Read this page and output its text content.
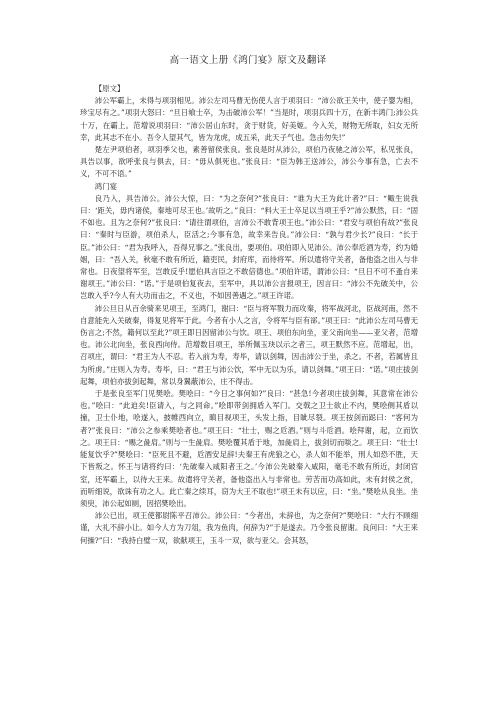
高一语文上册《鸿门宴》原文及翻译

【原文】

沛公军霸上，未得与项羽相见。沛公左司马曹无伤使人言于项羽曰：“沛公欲王关中，使子婴为相，珍宝尽有之。”项羽大怒曰：“旦日飨士卒，为击破沛公军！”当是时，项羽兵四十万，在新丰鸿门;沛公兵十万，在霸上。范增说项羽曰：“沛公居山东时，贪于财货，好美姬。今入关，财物无所取，妇女无所幸，此其志不在小。吾令人望其气，皆为龙虎，成五采，此天子气也。急击勿失!”

楚左尹项伯者，项羽季父也，素善留侯张良。张良是时从沛公，项伯乃夜驰之沛公军，私见张良，具告以事，欲呼张良与俱去，曰：“毋从俱死也。”张良曰：“臣为韩王送沛公，沛公今事有急，亡去不义，不可不语。”

鸿门宴

良乃入，具告沛公。沛公大惊，曰：“为之奈何?”张良曰：“谁为大王为此计者?”曰：“鲰生说我曰：‘距关，毋内诸侯，秦地可尽王也。’故听之。”良曰：“料大王士卒足以当项王乎?”沛公默然，曰：“固不如也。且为之奈何?”张良曰：“请往谓项伯，言沛公不敢背项王也。”沛公曰：“君安与项伯有故?”张良曰：“秦时与臣游，项伯杀人，臣活之;今事有急，故幸来告良。”沛公曰：“孰与君少长?”良曰：“长于臣。”沛公曰：“君为我呼入，吾得兄事之。”张良出，要项伯。项伯即入见沛公。沛公奉卮酒为寿，约为婚姻，曰：“吾入关，秋毫不敢有所近，籍吏民，封府库，而待将军。所以遣将守关者，备他盗之出入与非常也。日夜望将军至，岂敢反乎!愿伯具言臣之不敢倍德也。”项伯许诺，谓沛公曰：“旦日不可不蚤自来谢项王。”沛公曰：“诺。”于是项伯复夜去，至军中，具以沛公言报项王，因言曰：“沛公不先破关中，公岂敢入乎?今人有大功而击之，不义也，不如因善遇之。”项王许诺。

沛公旦日从百余骑来见项王，至鸿门，谢曰：“臣与将军戮力而攻秦，将军战河北，臣战河南，然不自意能先入关破秦，得复见将军于此。今者有小人之言，令将军与臣有郤。”项王曰：“此沛公左司马曹无伤言之;不然，籍何以至此?”项王即日因留沛公与饮。项王、项伯东向坐，亚父南向坐——亚父者，范增也。沛公北向坐，张良西向侍。范增数目项王，举所佩玉玦以示之者三，项王默然不应。范增起，出，召项庄，谓曰：“君王为人不忍。若入前为寿，寿毕，请以剑舞，因击沛公于坐，杀之。不者，若属皆且为所虏。”庄则入为寿。寿毕，曰：“君王与沛公饮，军中无以为乐，请以剑舞。”项王曰：“诺。”项庄拔剑起舞，项伯亦拔剑起舞，常以身翼蔽沛公，庄不得击。

于是张良至军门见樊哙。樊哙曰：“今日之事何如?”良曰：“甚急!今者项庄拔剑舞，其意常在沛公也。”哙曰：“此迫矣!臣请入，与之同命。”哙即带剑拥盾入军门。交戟之卫士欲止不内，樊哙侧其盾以撞，卫士仆地，哙遂入，披帷西向立，瞋目视项王，头发上指，目眦尽裂。项王按剑而跽曰：“客何为者?”张良曰：“沛公之参乘樊哙者也。”项王曰：“壮士，赐之卮酒。”则与斗卮酒。哙拜谢，起，立而饮之。项王曰：“赐之彘肩。”则与一生彘肩。樊哙覆其盾于地，加彘肩上，拔剑切而啖之。项王曰：“壮士!能复饮乎?”樊哙曰：“臣死且不避，卮酒安足辞!夫秦王有虎狼之心，杀人如不能举，刑人如恐不胜，天下皆叛之。怀王与诸将约曰：‘先破秦入咸阳者王之。’今沛公先破秦入咸阳，毫毛不敢有所近，封闭宫室，还军霸上，以待大王来。故遣将守关者，备他盗出入与非常也。劳苦而功高如此，未有封侯之赏，而听细说，欲诛有功之人。此亡秦之续耳，窃为大王不取也!”项王未有以应，曰：“坐。”樊哙从良坐。坐须臾，沛公起如厕，因招樊哙出。

沛公已出，项王使都尉陈平召沛公。沛公曰：“今者出，未辞也，为之奈何?”樊哙曰：“大行不顾细谨，大礼不辞小让。如今人方为刀俎，我为鱼肉，何辞为?”于是遂去。乃令张良留谢。良问曰：“大王来何操?”曰：“我持白璧一双，欲献项王，玉斗一双，欲与亚父。会其怒，
